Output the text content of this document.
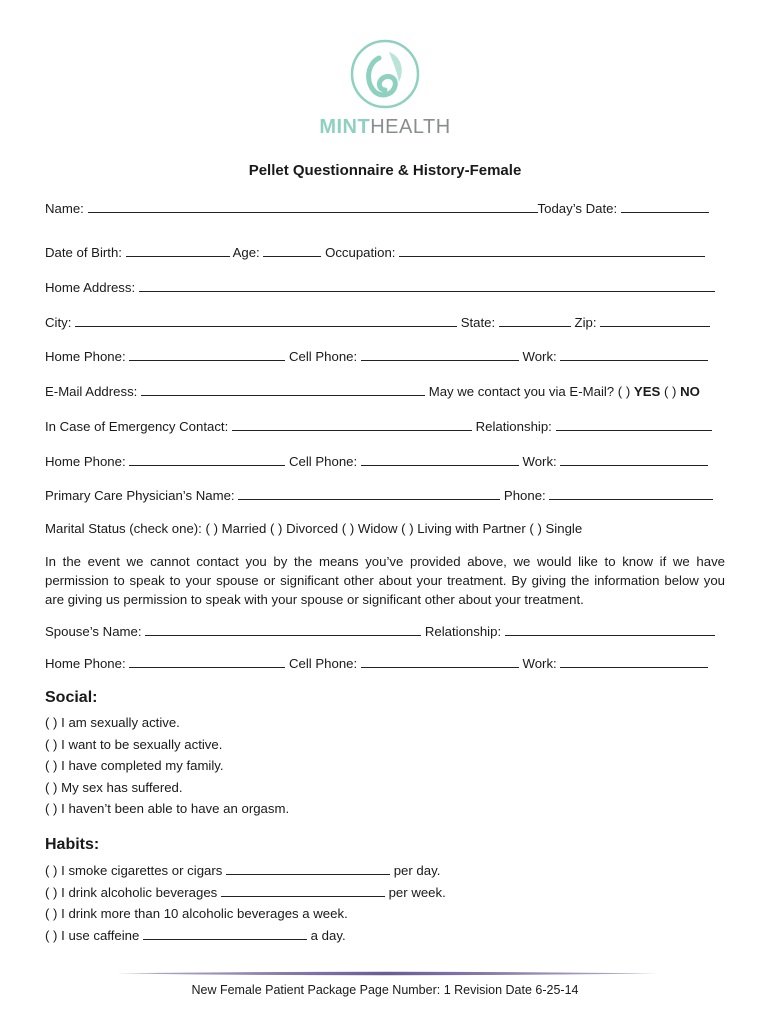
MINTHEALTH
Pellet Questionnaire & History-Female
Name:	Today’s Date:
Date of Birth:	Age:	Occupation:
Home Address:
City:	State:	Zip:
Home Phone:	Cell Phone:	Work:
E-Mail Address:	May we contact you via E-Mail? ( ) YES ( ) NO
In Case of Emergency Contact:	Relationship:
Home Phone:	Cell Phone:	Work:
Primary Care Physician’s Name:	Phone:
Marital Status (check one): ( ) Married ( ) Divorced ( ) Widow ( ) Living with Partner ( ) Single
In the event we cannot contact you by the means you’ve provided above, we would like to know if we have permission to speak to your spouse or significant other about your treatment. By giving the information below you are giving us permission to speak with your spouse or significant other about your treatment.
Spouse’s Name:	Relationship:
Home Phone:	Cell Phone:	Work:
Social:
( ) I am sexually active.
( ) I want to be sexually active.
( ) I have completed my family.
( ) My sex has suffered.
( ) I haven’t been able to have an orgasm.
Habits:
( ) I smoke cigarettes or cigars	per day.
( ) I drink alcoholic beverages	per week.
( ) I drink more than 10 alcoholic beverages a week.
( ) I use caffeine	a day.
New Female Patient Package Page Number: 1 Revision Date 6-25-14
